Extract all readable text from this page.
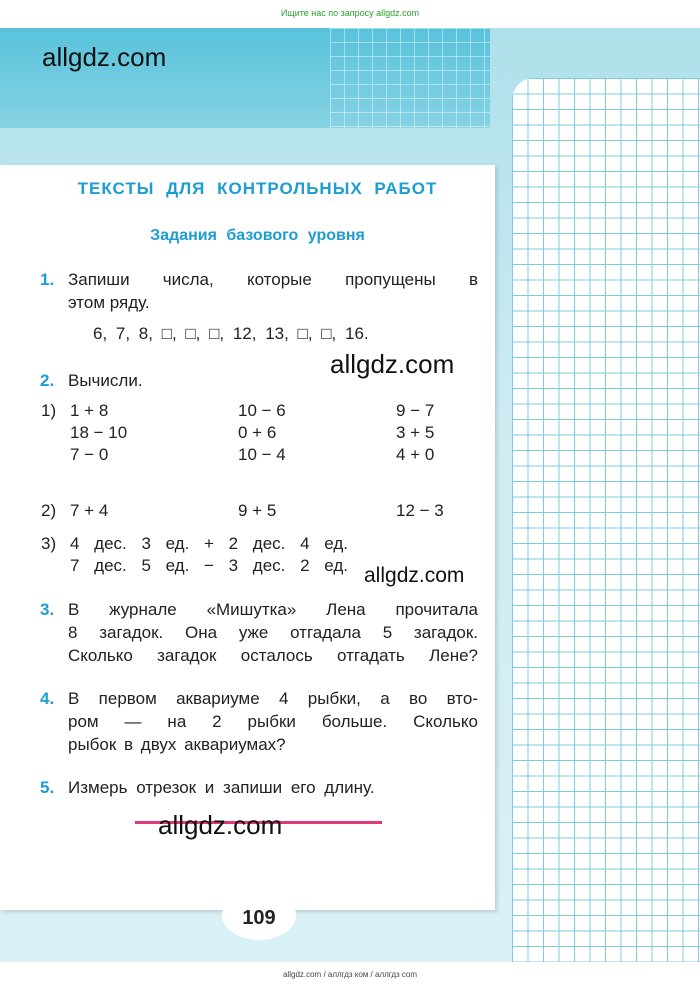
Ищите нас по запросу allgdz.com
ТЕКСТЫ ДЛЯ КОНТРОЛЬНЫХ РАБОТ
Задания базового уровня
1. Запиши числа, которые пропущены в
этом ряду.
6, 7, 8, □, □, □, 12, 13, □, □, 16.
2. Вычисли.
1) 1 + 8
18 − 10
7 − 0
10 − 6
0 + 6
10 − 4
9 − 7
3 + 5
4 + 0
2) 7 + 4	9 + 5	12 − 3
3) 4 дес. 3 ед. + 2 дес. 4 ед.
7 дес. 5 ед. − 3 дес. 2 ед.
3. В журнале «Мишутка» Лена прочитала
8 загадок. Она уже отгадала 5 загадок.
Сколько загадок осталось отгадать Лене?
4. В первом аквариуме 4 рыбки, а во вто-
ром — на 2 рыбки больше. Сколько
рыбок в двух аквариумах?
5. Измерь отрезок и запиши его длину.
109
allgdz.com
allgdz.com
allgdz.com
allgdz.com
allgdz.com / аллгдз ком / аллгдз com
